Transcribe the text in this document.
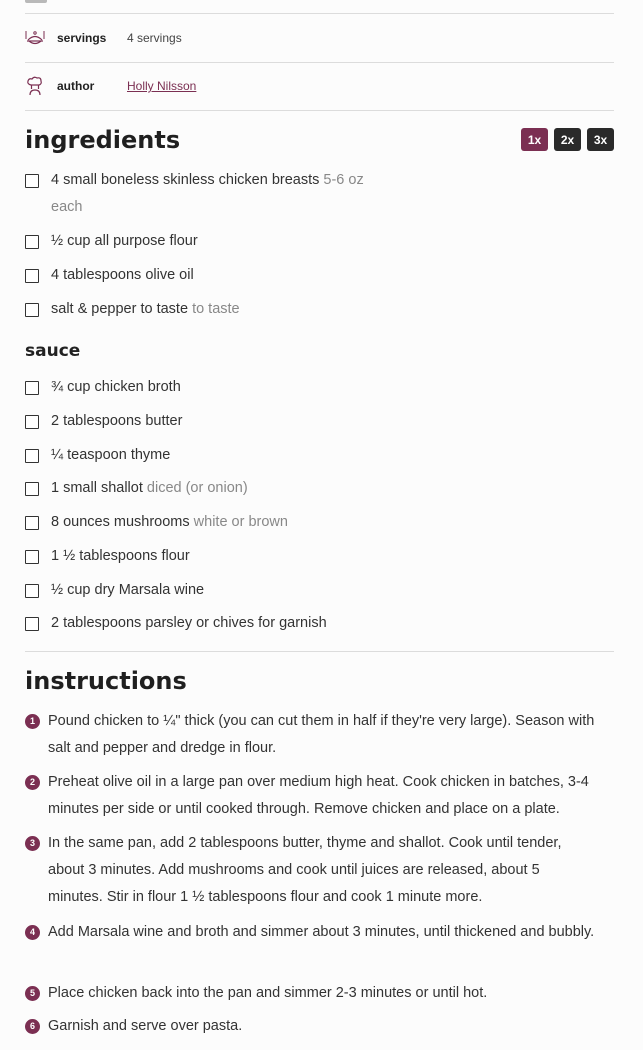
servings 4 servings
author	Holly Nilsson
ingredients	1x	2x	3x
4 small boneless skinless chicken breasts 5-6 oz each
½ cup all purpose flour
4 tablespoons olive oil
salt & pepper to taste to taste
sauce
¾ cup chicken broth
2 tablespoons butter
¼ teaspoon thyme
1 small shallot diced (or onion)
8 ounces mushrooms white or brown
1 ½ tablespoons flour
½ cup dry Marsala wine
2 tablespoons parsley or chives for garnish
instructions
1 Pound chicken to ¼" thick (you can cut them in half if they're very large). Season with salt and pepper and dredge in flour.
2 Preheat olive oil in a large pan over medium high heat. Cook chicken in batches, 3-4 minutes per side or until cooked through. Remove chicken and place on a plate.
3 In the same pan, add 2 tablespoons butter, thyme and shallot. Cook until tender, about 3 minutes. Add mushrooms and cook until juices are released, about 5 minutes. Stir in flour 1 ½ tablespoons flour and cook 1 minute more.
4 Add Marsala wine and broth and simmer about 3 minutes, until thickened and bubbly.
5 Place chicken back into the pan and simmer 2-3 minutes or until hot.
6 Garnish and serve over pasta.
